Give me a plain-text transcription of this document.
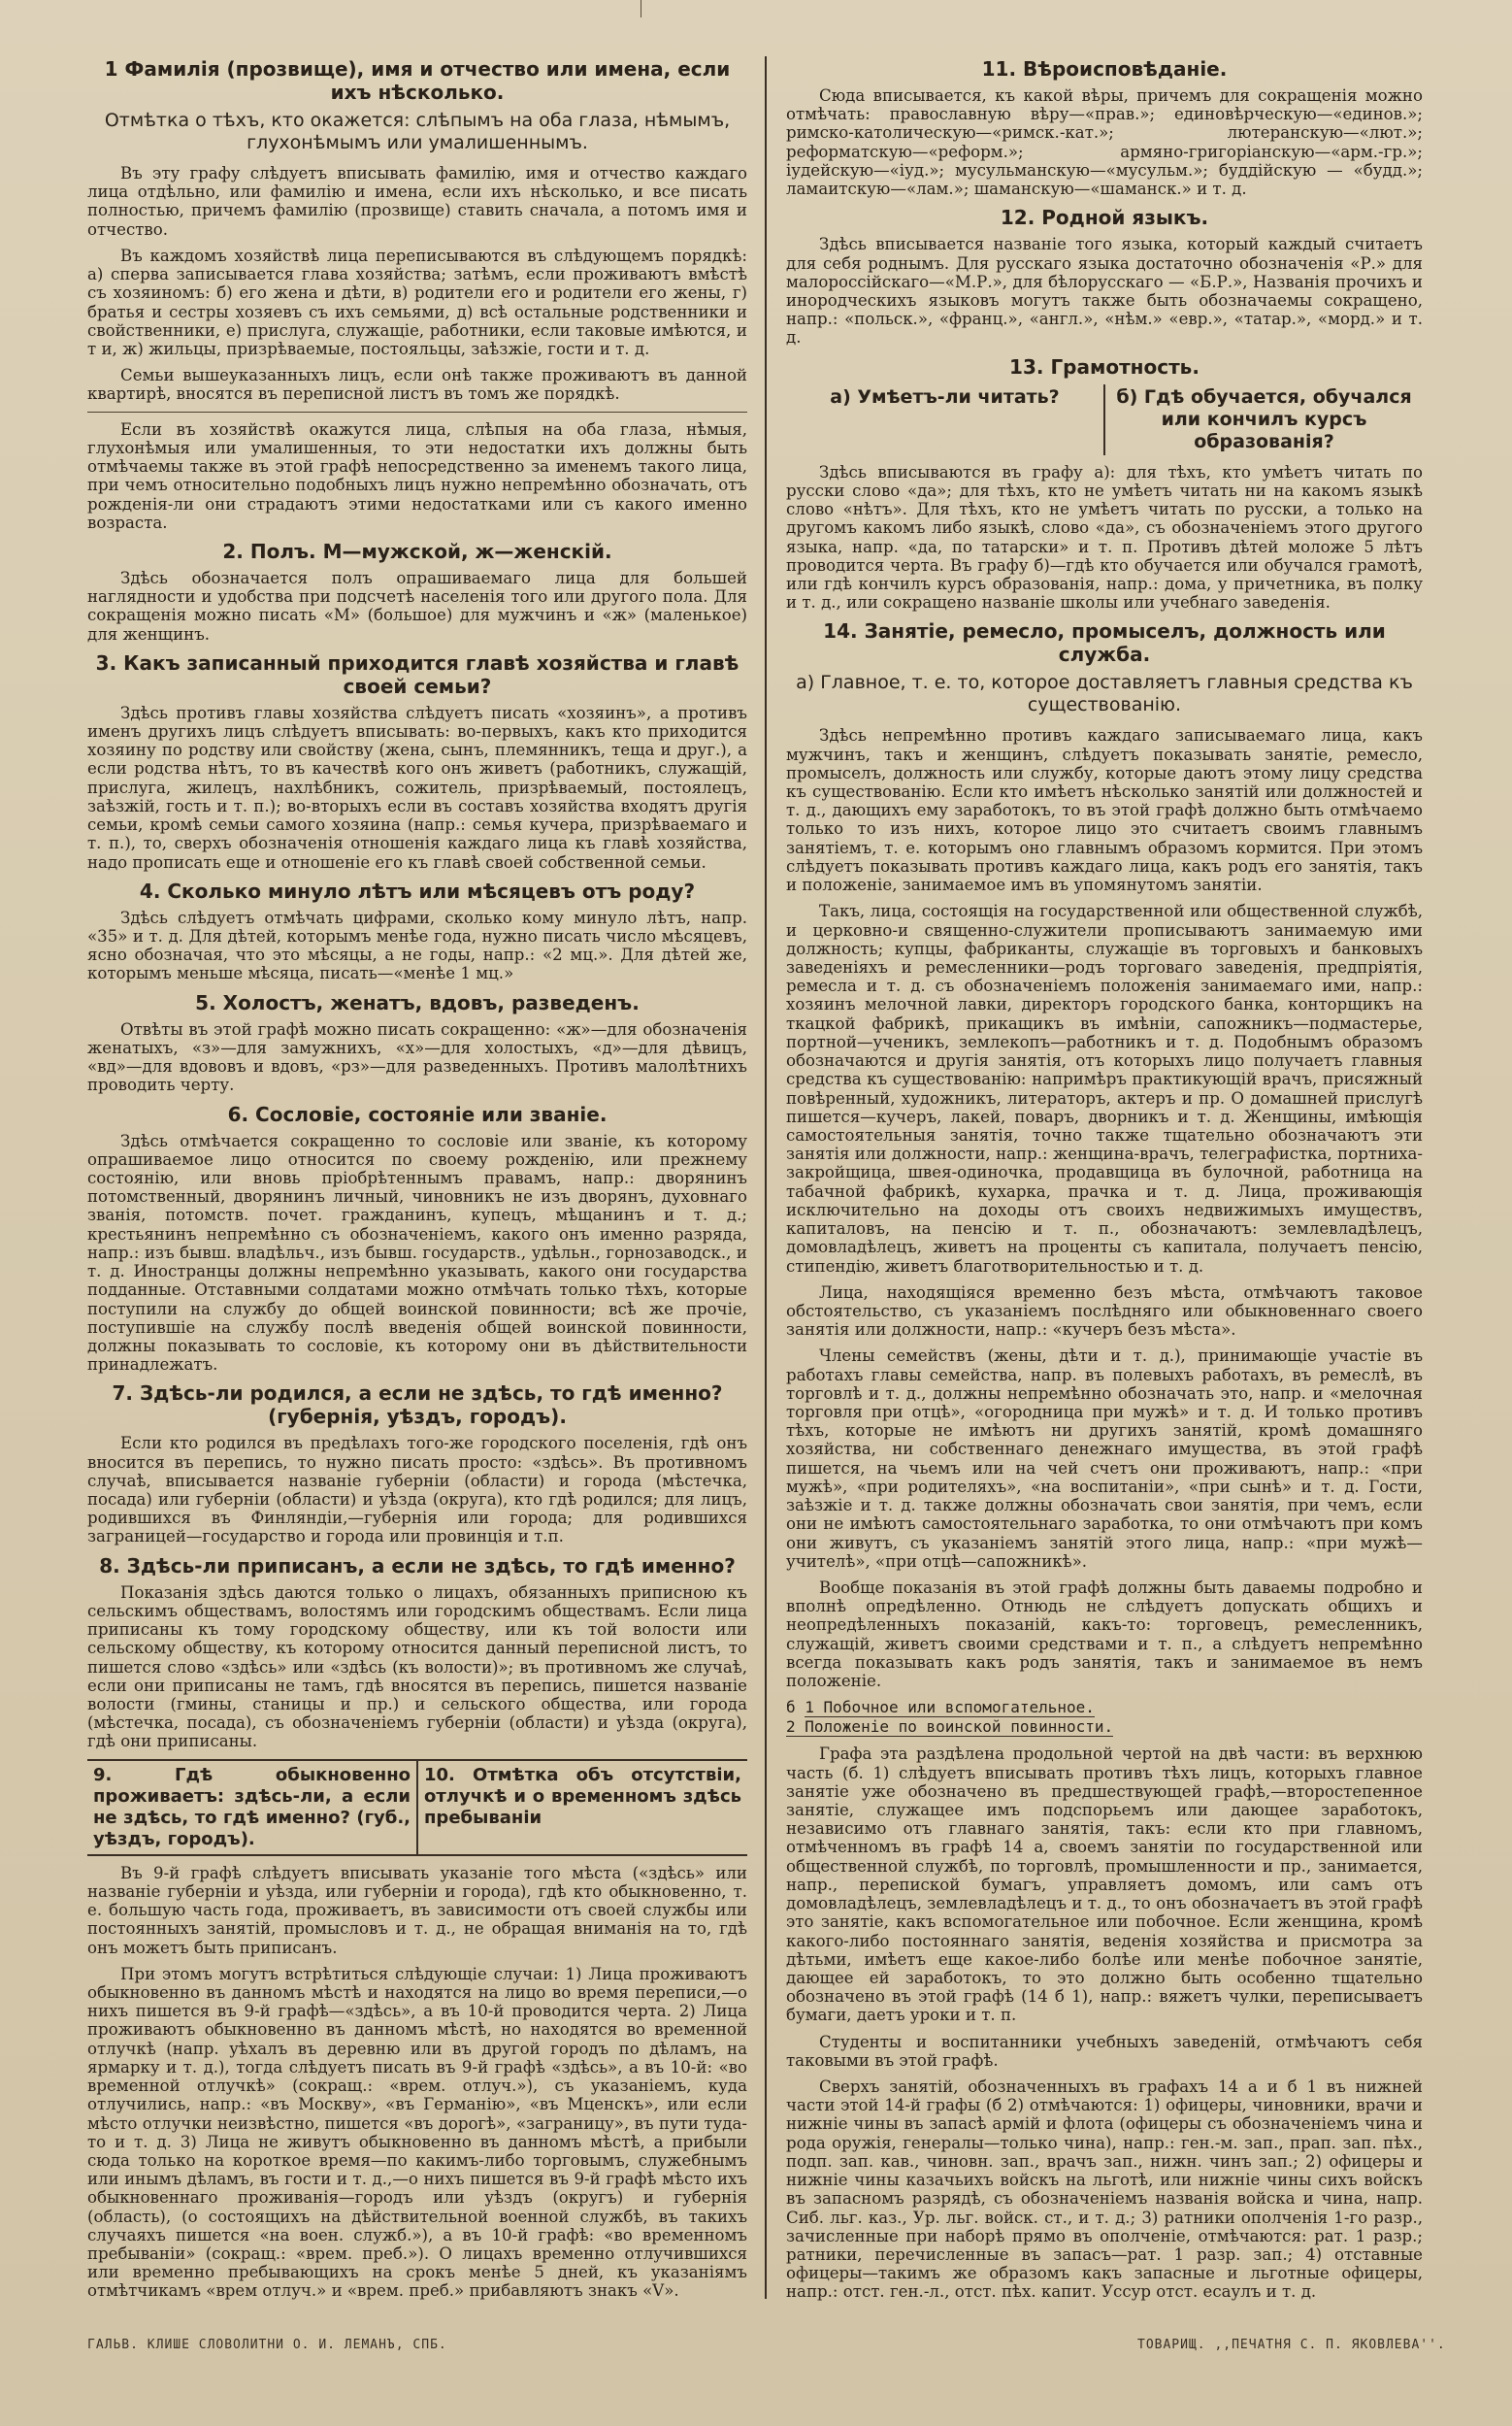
1 Фамилія (прозвище), имя и отчество или имена, если ихъ нѣсколько.
Отмѣтка о тѣхъ, кто окажется: слѣпымъ на оба глаза, нѣмымъ, глухонѣмымъ или умалишеннымъ.

Въ эту графу слѣдуетъ вписывать фамилію, имя и отчество каждаго лица отдѣльно, или фамилію и имена, если ихъ нѣсколько, и все писать полностью, причемъ фамилію (прозвище) ставить сначала, а потомъ имя и отчество.

Въ каждомъ хозяйствѣ лица переписываются въ слѣдующемъ порядкѣ: а) сперва записывается глава хозяйства; затѣмъ, если проживаютъ вмѣстѣ съ хозяиномъ: б) его жена и дѣти, в) родители его и родители его жены, г) братья и сестры хозяевъ съ ихъ семьями, д) всѣ остальные родственники и свойственники, е) прислуга, служащіе, работники, если таковые имѣются, и т и, ж) жильцы, призрѣваемые, постояльцы, заѣзжіе, гости и т. д.

Семьи вышеуказанныхъ лицъ, если онѣ также проживаютъ въ данной квартирѣ, вносятся въ переписной листъ въ томъ же порядкѣ.

Если въ хозяйствѣ окажутся лица, слѣпыя на оба глаза, нѣмыя, глухонѣмыя или умалишенныя, то эти недостатки ихъ должны быть отмѣчаемы также въ этой графѣ непосредственно за именемъ такого лица, при чемъ относительно подобныхъ лицъ нужно непремѣнно обозначать, отъ рожденія-ли они страдаютъ этими недостатками или съ какого именно возраста.

2. Полъ. М—мужской, ж—женскій.

Здѣсь обозначается полъ опрашиваемаго лица для большей наглядности и удобства при подсчетѣ населенія того или другого пола. Для сокращенія можно писать «М» (большое) для мужчинъ и «ж» (маленькое) для женщинъ.

3. Какъ записанный приходится главѣ хозяйства и главѣ своей семьи?

Здѣсь противъ главы хозяйства слѣдуетъ писать «хозяинъ», а противъ именъ другихъ лицъ слѣдуетъ вписывать: во-первыхъ, какъ кто приходится хозяину по родству или свойству (жена, сынъ, племянникъ, теща и друг.), а если родства нѣтъ, то въ качествѣ кого онъ живетъ (работникъ, служащій, прислуга, жилецъ, нахлѣбникъ, сожитель, призрѣваемый, постоялецъ, заѣзжій, гость и т. п.); во-вторыхъ если въ составъ хозяйства входятъ другія семьи, кромѣ семьи самого хозяина (напр.: семья кучера, призрѣваемаго и т. п.), то, сверхъ обозначенія отношенія каждаго лица къ главѣ хозяйства, надо прописать еще и отношеніе его къ главѣ своей собственной семьи.

4. Сколько минуло лѣтъ или мѣсяцевъ отъ роду?

Здѣсь слѣдуетъ отмѣчать цифрами, сколько кому минуло лѣтъ, напр. «35» и т. д. Для дѣтей, которымъ менѣе года, нужно писать число мѣсяцевъ, ясно обозначая, что это мѣсяцы, а не годы, напр.: «2 мц.». Для дѣтей же, которымъ меньше мѣсяца, писать—«менѣе 1 мц.»

5. Холостъ, женатъ, вдовъ, разведенъ.

Отвѣты въ этой графѣ можно писать сокращенно: «ж»—для обозначенія женатыхъ, «з»—для замужнихъ, «х»—для холостыхъ, «д»—для дѣвицъ, «вд»—для вдововъ и вдовъ, «рз»—для разведенныхъ. Противъ малолѣтнихъ проводить черту.

6. Сословіе, состояніе или званіе.

Здѣсь отмѣчается сокращенно то сословіе или званіе, къ которому опрашиваемое лицо относится по своему рожденію, или прежнему состоянію, или вновь пріобрѣтеннымъ правамъ, напр.: дворянинъ потомственный, дворянинъ личный, чиновникъ не изъ дворянъ, духовнаго званія, потомств. почет. гражданинъ, купецъ, мѣщанинъ и т. д.; крестьянинъ непремѣнно съ обозначеніемъ, какого онъ именно разряда, напр.: изъ бывш. владѣльч., изъ бывш. государств., удѣльн., горнозаводск., и т. д. Иностранцы должны непремѣнно указывать, какого они государства подданные. Отставными солдатами можно отмѣчать только тѣхъ, которые поступили на службу до общей воинской повинности; всѣ же прочіе, поступившіе на службу послѣ введенія общей воинской повинности, должны показывать то сословіе, къ которому они въ дѣйствительности принадлежатъ.

7. Здѣсь-ли родился, а если не здѣсь, то гдѣ именно? (губернія, уѣздъ, городъ).

Если кто родился въ предѣлахъ того-же городского поселенія, гдѣ онъ вносится въ перепись, то нужно писать просто: «здѣсь». Въ противномъ случаѣ, вписывается названіе губерніи (области) и города (мѣстечка, посада) или губерніи (области) и уѣзда (округа), кто гдѣ родился; для лицъ, родившихся въ Финляндіи,—губернія или города; для родившихся заграницей—государство и города или провинція и т.п.

8. Здѣсь-ли приписанъ, а если не здѣсь, то гдѣ именно?

Показанія здѣсь даются только о лицахъ, обязанныхъ приписною къ сельскимъ обществамъ, волостямъ или городскимъ обществамъ. Если лица приписаны къ тому городскому обществу, или къ той волости или сельскому обществу, къ которому относится данный переписной листъ, то пишется слово «здѣсь» или «здѣсь (къ волости)»; въ противномъ же случаѣ, если они приписаны не тамъ, гдѣ вносятся въ перепись, пишется названіе волости (гмины, станицы и пр.) и сельского общества, или города (мѣстечка, посада), съ обозначеніемъ губерніи (области) и уѣзда (округа), гдѣ они приписаны.

9. Гдѣ обыкновенно проживаетъ: здѣсь-ли, а если не здѣсь, то гдѣ именно? (губ., уѣздъ, городъ).
10. Отмѣтка объ отсутствіи, отлучкѣ и о временномъ здѣсь пребываніи

Въ 9-й графѣ слѣдуетъ вписывать указаніе того мѣста («здѣсь» или названіе губерніи и уѣзда, или губерніи и города), гдѣ кто обыкновенно, т. е. большую часть года, проживаетъ, въ зависимости отъ своей службы или постоянныхъ занятій, промысловъ и т. д., не обращая вниманія на то, гдѣ онъ можетъ быть приписанъ.

При этомъ могутъ встрѣтиться слѣдующіе случаи: 1) Лица проживаютъ обыкновенно въ данномъ мѣстѣ и находятся на лицо во время переписи,—о нихъ пишется въ 9-й графѣ—«здѣсь», а въ 10-й проводится черта. 2) Лица проживаютъ обыкновенно въ данномъ мѣстѣ, но находятся во временной отлучкѣ (напр. уѣхалъ въ деревню или въ другой городъ по дѣламъ, на ярмарку и т. д.), тогда слѣдуетъ писать въ 9-й графѣ «здѣсь», а въ 10-й: «во временной отлучкѣ» (сокращ.: «врем. отлуч.»), съ указаніемъ, куда отлучились, напр.: «въ Москву», «въ Германію», «въ Мценскъ», или если мѣсто отлучки неизвѣстно, пишется «въ дорогѣ», «заграницу», въ пути туда-то и т. д. 3) Лица не живутъ обыкновенно въ данномъ мѣстѣ, а прибыли сюда только на короткое время—по какимъ-либо торговымъ, служебнымъ или инымъ дѣламъ, въ гости и т. д.,—о нихъ пишется въ 9-й графѣ мѣсто ихъ обыкновеннаго проживанія—городъ или уѣздъ (округъ) и губернія (область), (о состоящихъ на дѣйствительной военной службѣ, въ такихъ случаяхъ пишется «на воен. служб.»), а въ 10-й графѣ: «во временномъ пребываніи» (сокращ.: «врем. преб.»). О лицахъ временно отлучившихся или временно пребывающихъ на срокъ менѣе 5 дней, къ указаніямъ отмѣтчикамъ «врем отлуч.» и «врем. преб.» прибавляютъ знакъ «V».

11. Вѣроисповѣданіе.

Сюда вписывается, къ какой вѣры, причемъ для сокращенія можно отмѣчать: православную вѣру—«прав.»; единовѣрческую—«единов.»; римско-католическую—«римск.-кат.»; лютеранскую—«лют.»; реформатскую—«реформ.»; армяно-григоріанскую—«арм.-гр.»; іудейскую—«іуд.»; мусульманскую—«мусульм.»; буддійскую — «будд.»; ламаитскую—«лам.»; шаманскую—«шаманск.» и т. д.

12. Родной языкъ.

Здѣсь вписывается названіе того языка, который каждый считаетъ для себя роднымъ. Для русскаго языка достаточно обозначенія «Р.» для малороссійскаго—«М.Р.», для бѣлорусскаго — «Б.Р.», Названія прочихъ и инородческихъ языковъ могутъ также быть обозначаемы сокращено, напр.: «польск.», «франц.», «англ.», «нѣм.» «евр.», «татар.», «морд.» и т. д.

13. Грамотность.
а) Умѣетъ-ли читать?	б) Гдѣ обучается, обучался или кончилъ курсъ образованія?

Здѣсь вписываются въ графу а): для тѣхъ, кто умѣетъ читать по русски слово «да»; для тѣхъ, кто не умѣетъ читать ни на какомъ языкѣ слово «нѣтъ». Для тѣхъ, кто не умѣетъ читать по русски, а только на другомъ какомъ либо языкѣ, слово «да», съ обозначеніемъ этого другого языка, напр. «да, по татарски» и т. п. Противъ дѣтей моложе 5 лѣтъ проводится черта. Въ графу б)—гдѣ кто обучается или обучался грамотѣ, или гдѣ кончилъ курсъ образованія, напр.: дома, у причетника, въ полку и т. д., или сокращено названіе школы или учебнаго заведенія.

14. Занятіе, ремесло, промыселъ, должность или служба.
а) Главное, т. е. то, которое доставляетъ главныя средства къ существованію.

Здѣсь непремѣнно противъ каждаго записываемаго лица, какъ мужчинъ, такъ и женщинъ, слѣдуетъ показывать занятіе, ремесло, промыселъ, должность или службу, которые даютъ этому лицу средства къ существованію. Если кто имѣетъ нѣсколько занятій или должностей и т. д., дающихъ ему заработокъ, то въ этой графѣ должно быть отмѣчаемо только то изъ нихъ, которое лицо это считаетъ своимъ главнымъ занятіемъ, т. е. которымъ оно главнымъ образомъ кормится. При этомъ слѣдуетъ показывать противъ каждаго лица, какъ родъ его занятія, такъ и положеніе, занимаемое имъ въ упомянутомъ занятіи.

Такъ, лица, состоящія на государственной или общественной службѣ, и церковно-и священно-служители прописываютъ занимаемую ими должность; купцы, фабриканты, служащіе въ торговыхъ и банковыхъ заведеніяхъ и ремесленники—родъ торговаго заведенія, предпріятія, ремесла и т. д. съ обозначеніемъ положенія занимаемаго ими, напр.: хозяинъ мелочной лавки, директоръ городского банка, конторщикъ на ткацкой фабрикѣ, прикащикъ въ имѣніи, сапожникъ—подмастерье, портной—ученикъ, землекопъ—работникъ и т. д. Подобнымъ образомъ обозначаются и другія занятія, отъ которыхъ лицо получаетъ главныя средства къ существованію: напримѣръ практикующій врачъ, присяжный повѣренный, художникъ, литераторъ, актеръ и пр. О домашней прислугѣ пишется—кучеръ, лакей, поваръ, дворникъ и т. д. Женщины, имѣющія самостоятельныя занятія, точно также тщательно обозначаютъ эти занятія или должности, напр.: женщина-врачъ, телеграфистка, портниха-закройщица, швея-одиночка, продавщица въ булочной, работница на табачной фабрикѣ, кухарка, прачка и т. д. Лица, проживающія исключительно на доходы отъ своихъ недвижимыхъ имуществъ, капиталовъ, на пенсію и т. п., обозначаютъ: землевладѣлецъ, домовладѣлецъ, живетъ на проценты съ капитала, получаетъ пенсію, стипендію, живетъ благотворительностью и т. д.

Лица, находящіяся временно безъ мѣста, отмѣчаютъ таковое обстоятельство, съ указаніемъ послѣдняго или обыкновеннаго своего занятія или должности, напр.: «кучеръ безъ мѣста».

Члены семействъ (жены, дѣти и т. д.), принимающіе участіе въ работахъ главы семейства, напр. въ полевыхъ работахъ, въ ремеслѣ, въ торговлѣ и т. д., должны непремѣнно обозначать это, напр. и «мелочная торговля при отцѣ», «огородница при мужѣ» и т. д. И только противъ тѣхъ, которые не имѣютъ ни другихъ занятій, кромѣ домашняго хозяйства, ни собственнаго денежнаго имущества, въ этой графѣ пишется, на чьемъ или на чей счетъ они проживаютъ, напр.: «при мужѣ», «при родителяхъ», «на воспитаніи», «при сынѣ» и т. д. Гости, заѣзжіе и т. д. также должны обозначать свои занятія, при чемъ, если они не имѣютъ самостоятельнаго заработка, то они отмѣчаютъ при комъ они живутъ, съ указаніемъ занятій этого лица, напр.: «при мужѣ—учителѣ», «при отцѣ—сапожникѣ».

Вообще показанія въ этой графѣ должны быть даваемы подробно и вполнѣ опредѣленно. Отнюдь не слѣдуетъ допускать общихъ и неопредѣленныхъ показаній, какъ-то: торговецъ, ремесленникъ, служащій, живетъ своими средствами и т. п., а слѣдуетъ непремѣнно всегда показывать какъ родъ занятія, такъ и занимаемое въ немъ положеніе.

б 1 Побочное или вспомогательное.
2 Положеніе по воинской повинности.

Графа эта раздѣлена продольной чертой на двѣ части: въ верхнюю часть (б. 1) слѣдуетъ вписывать противъ тѣхъ лицъ, которыхъ главное занятіе уже обозначено въ предшествующей графѣ,—второстепенное занятіе, служащее имъ подспорьемъ или дающее заработокъ, независимо отъ главнаго занятія, такъ: если кто при главномъ, отмѣченномъ въ графѣ 14 а, своемъ занятіи по государственной или общественной службѣ, по торговлѣ, промышленности и пр., занимается, напр., перепиской бумагъ, управляетъ домомъ, или самъ отъ домовладѣлецъ, землевладѣлецъ и т. д., то онъ обозначаетъ въ этой графѣ это занятіе, какъ вспомогательное или побочное. Если женщина, кромѣ какого-либо постояннаго занятія, веденія хозяйства и присмотра за дѣтьми, имѣетъ еще какое-либо болѣе или менѣе побочное занятіе, дающее ей заработокъ, то это должно быть особенно тщательно обозначено въ этой графѣ (14 б 1), напр.: вяжетъ чулки, переписываетъ бумаги, даетъ уроки и т. п.

Студенты и воспитанники учебныхъ заведеній, отмѣчаютъ себя таковыми въ этой графѣ.

Сверхъ занятій, обозначенныхъ въ графахъ 14 а и б 1 въ нижней части этой 14-й графы (б 2) отмѣчаются: 1) офицеры, чиновники, врачи и нижніе чины въ запасѣ армій и флота (офицеры съ обозначеніемъ чина и рода оружія, генералы—только чина), напр.: ген.-м. зап., прап. зап. пѣх., подп. зап. кав., чиновн. зап., врачъ зап., нижн. чинъ зап.; 2) офицеры и нижніе чины казачьихъ войскъ на льготѣ, или нижніе чины сихъ войскъ въ запасномъ разрядѣ, съ обозначеніемъ названія войска и чина, напр. Сиб. льг. каз., Ур. льг. войск. ст., и т. д.; 3) ратники ополченія 1-го разр., зачисленные при наборѣ прямо въ ополченіе, отмѣчаются: рат. 1 разр.; ратники, перечисленные въ запасъ—рат. 1 разр. зап.; 4) отставные офицеры—такимъ же образомъ какъ запасные и льготные офицеры, напр.: отст. ген.-л., отст. пѣх. капит. Уссур отст. есаулъ и т. д.

ГАЛЬВ. КЛИШЕ СЛОВОЛИТНИ О. И. ЛЕМАНЪ, СПБ.	ТОВАРИЩ. ,,ПЕЧАТНЯ С. П. ЯКОВЛЕВА''.
